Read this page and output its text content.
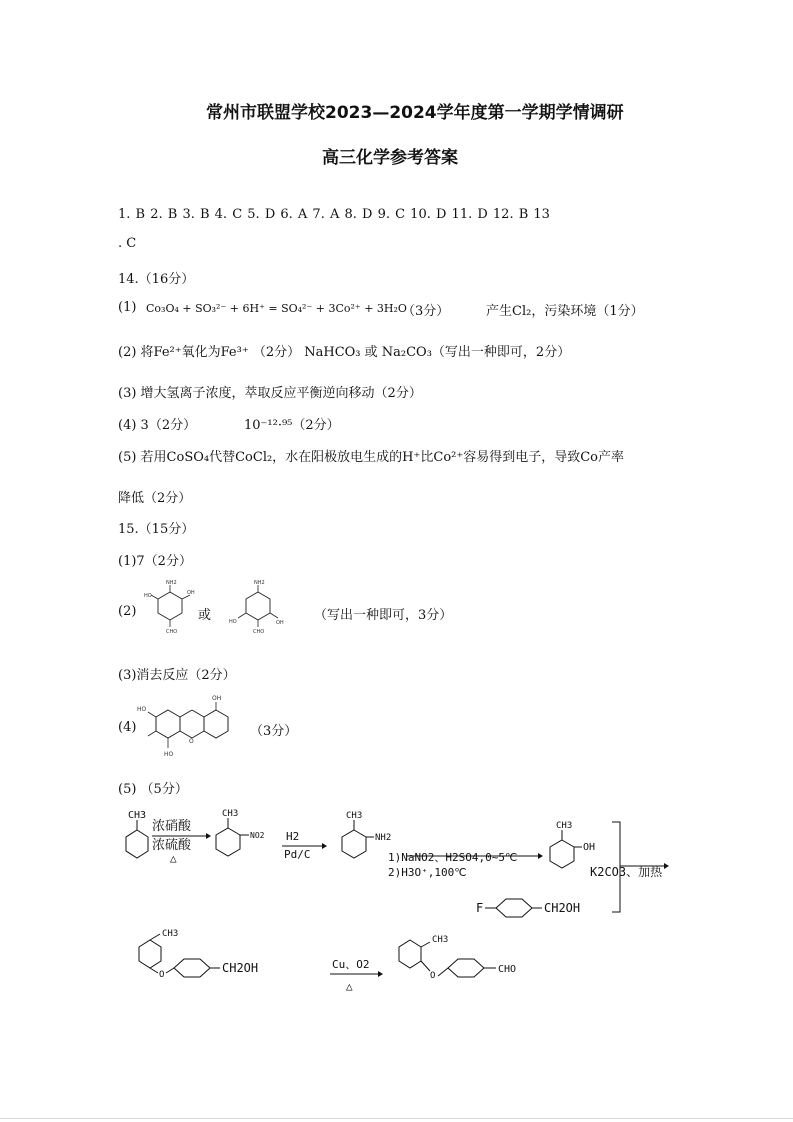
常州市联盟学校2023—2024学年度第一学期学情调研
高三化学参考答案
1. B 2. B 3. B 4. C 5. D 6. A 7. A 8. D 9. C 10. D 11. D 12. B 13
. C
14.（16分）
(1) Co₃O₄ + SO₃²⁻ + 6H⁺ = SO₄²⁻ + 3Co²⁺ + 3H₂O
（3分）	产生Cl₂，污染环境（1分）
(2) 将Fe²⁺氧化为Fe³⁺ （2分） NaHCO₃ 或 Na₂CO₃（写出一种即可，2分）
(3) 增大氢离子浓度，萃取反应平衡逆向移动（2分）
(4) 3（2分）	10⁻¹²·⁹⁵（2分）
(5) 若用CoSO₄代替CoCl₂，水在阳极放电生成的H⁺比Co²⁺容易得到电子，导致Co产率
降低（2分）
15.（15分）
(1)7（2分）
(2)
NH2
HO	OH
CHO
或
NH2
HO	OH
CHO
（写出一种即可，3分）
(3)消去反应（2分）
(4)
HO
O
HO
OH
（3分）
(5) （5分）
CH3
浓硝酸
浓硫酸
△
CH3
NO2 H2
Pd/C
CH3
NH2
1)NaNO2、H2SO4,0~5℃
2)H3O⁺,100℃
CH3
OH
K2CO3、加热
F	CH2OH
CH3
O	CH2OH	Cu、O2
△
CH3
O
CHO
